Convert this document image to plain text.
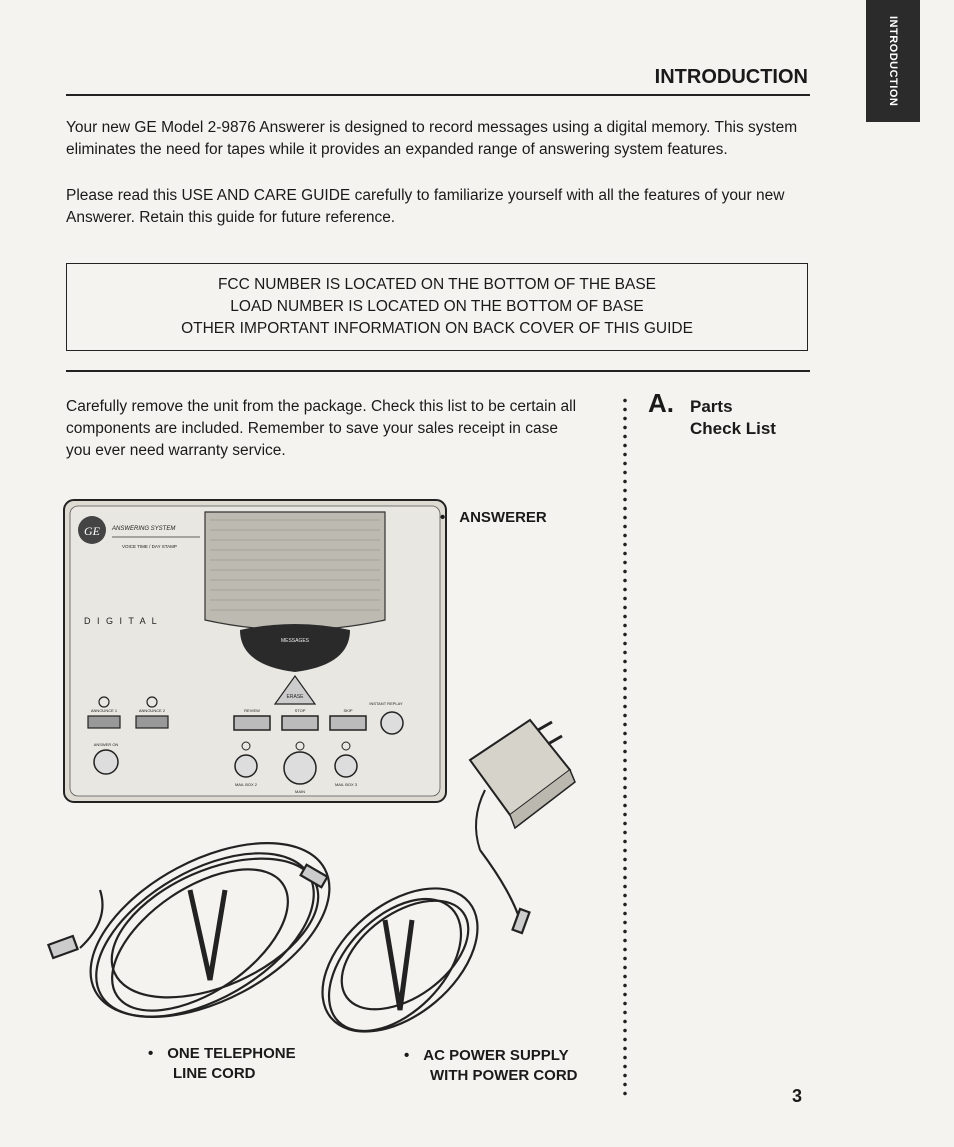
INTRODUCTION
INTRODUCTION

Your new GE Model 2-9876 Answerer is designed to record messages using a digital memory. This system eliminates the need for tapes while it provides an expanded range of answering system features.

Please read this USE AND CARE GUIDE carefully to familiarize yourself with all the features of your new Answerer. Retain this guide for future reference.

FCC NUMBER IS LOCATED ON THE BOTTOM OF THE BASE
LOAD NUMBER IS LOCATED ON THE BOTTOM OF BASE
OTHER IMPORTANT INFORMATION ON BACK COVER OF THIS GUIDE

Carefully remove the unit from the package. Check this list to be certain all components are included. Remember to save your sales receipt in case you ever need warranty service.

A. Parts
Check List
GE ANSWERING SYSTEM
VOICE TIME / DAY STAMP
D I G I T A L
MESSAGES
ERASE
ANNOUNCE 1	ANNOUNCE 2	REVIEW	STOP	SKIP
INSTANT REPLAY
ANSWER ON
MAIL BOX 2
MAIN
MAIL BOX 3
• ANSWERER
• ONE TELEPHONE
LINE CORD
• AC POWER SUPPLY
WITH POWER CORD
3
